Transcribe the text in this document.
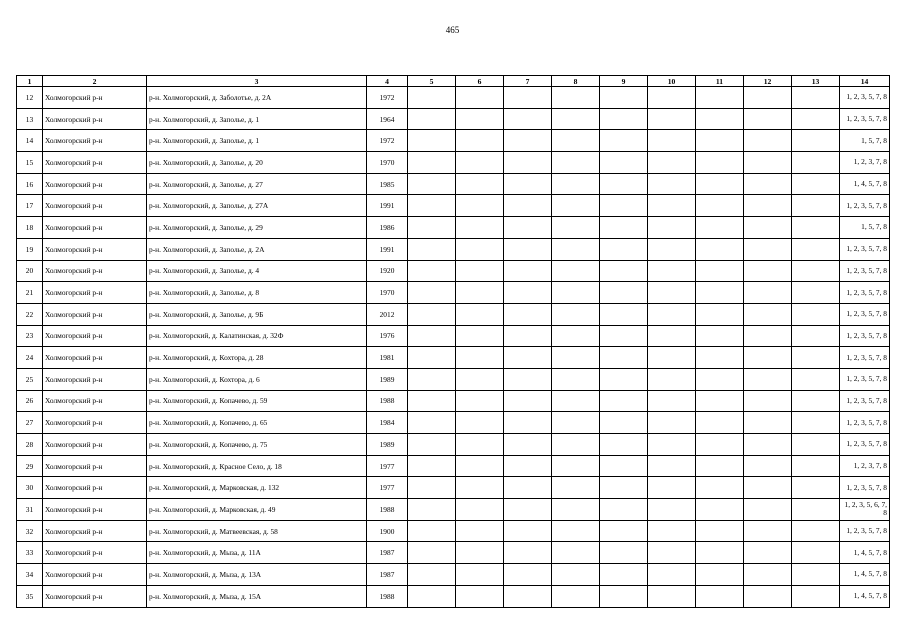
465
1	2	3	4	5	6	7	8	9	10	11	12	13	14
12	Холмогорский р-н	р-н. Холмогорский, д. Заболотье, д. 2А	1972										1, 2, 3, 5, 7, 8
13	Холмогорский р-н	р-н. Холмогорский, д. Заполье, д. 1	1964										1, 2, 3, 5, 7, 8
14	Холмогорский р-н	р-н. Холмогорский, д. Заполье, д. 1	1972										1, 5, 7, 8
15	Холмогорский р-н	р-н. Холмогорский, д. Заполье, д. 20	1970										1, 2, 3, 7, 8
16	Холмогорский р-н	р-н. Холмогорский, д. Заполье, д. 27	1985										1, 4, 5, 7, 8
17	Холмогорский р-н	р-н. Холмогорский, д. Заполье, д. 27А	1991										1, 2, 3, 5, 7, 8
18	Холмогорский р-н	р-н. Холмогорский, д. Заполье, д. 29	1986										1, 5, 7, 8
19	Холмогорский р-н	р-н. Холмогорский, д. Заполье, д. 2А	1991										1, 2, 3, 5, 7, 8
20	Холмогорский р-н	р-н. Холмогорский, д. Заполье, д. 4	1920										1, 2, 3, 5, 7, 8
21	Холмогорский р-н	р-н. Холмогорский, д. Заполье, д. 8	1970										1, 2, 3, 5, 7, 8
22	Холмогорский р-н	р-н. Холмогорский, д. Заполье, д. 9Б	2012										1, 2, 3, 5, 7, 8
23	Холмогорский р-н	р-н. Холмогорский, д. Калатинская, д. 32Ф	1976										1, 2, 3, 5, 7, 8
24	Холмогорский р-н	р-н. Холмогорский, д. Кохтора, д. 28	1981										1, 2, 3, 5, 7, 8
25	Холмогорский р-н	р-н. Холмогорский, д. Кохтора, д. 6	1989										1, 2, 3, 5, 7, 8
26	Холмогорский р-н	р-н. Холмогорский, д. Копачево, д. 59	1988										1, 2, 3, 5, 7, 8
27	Холмогорский р-н	р-н. Холмогорский, д. Копачево, д. 65	1984										1, 2, 3, 5, 7, 8
28	Холмогорский р-н	р-н. Холмогорский, д. Копачево, д. 75	1989										1, 2, 3, 5, 7, 8
29	Холмогорский р-н	р-н. Холмогорский, д. Красное Село, д. 18	1977										1, 2, 3, 7, 8
30	Холмогорский р-н	р-н. Холмогорский, д. Марковская, д. 132	1977										1, 2, 3, 5, 7, 8
31	Холмогорский р-н	р-н. Холмогорский, д. Марковская, д. 49	1988										1, 2, 3, 5, 6, 7, 8
32	Холмогорский р-н	р-н. Холмогорский, д. Матвеевская, д. 58	1900										1, 2, 3, 5, 7, 8
33	Холмогорский р-н	р-н. Холмогорский, д. Мыза, д. 11А	1987										1, 4, 5, 7, 8
34	Холмогорский р-н	р-н. Холмогорский, д. Мыза, д. 13А	1987										1, 4, 5, 7, 8
35	Холмогорский р-н	р-н. Холмогорский, д. Мыза, д. 15А	1988										1, 4, 5, 7, 8
